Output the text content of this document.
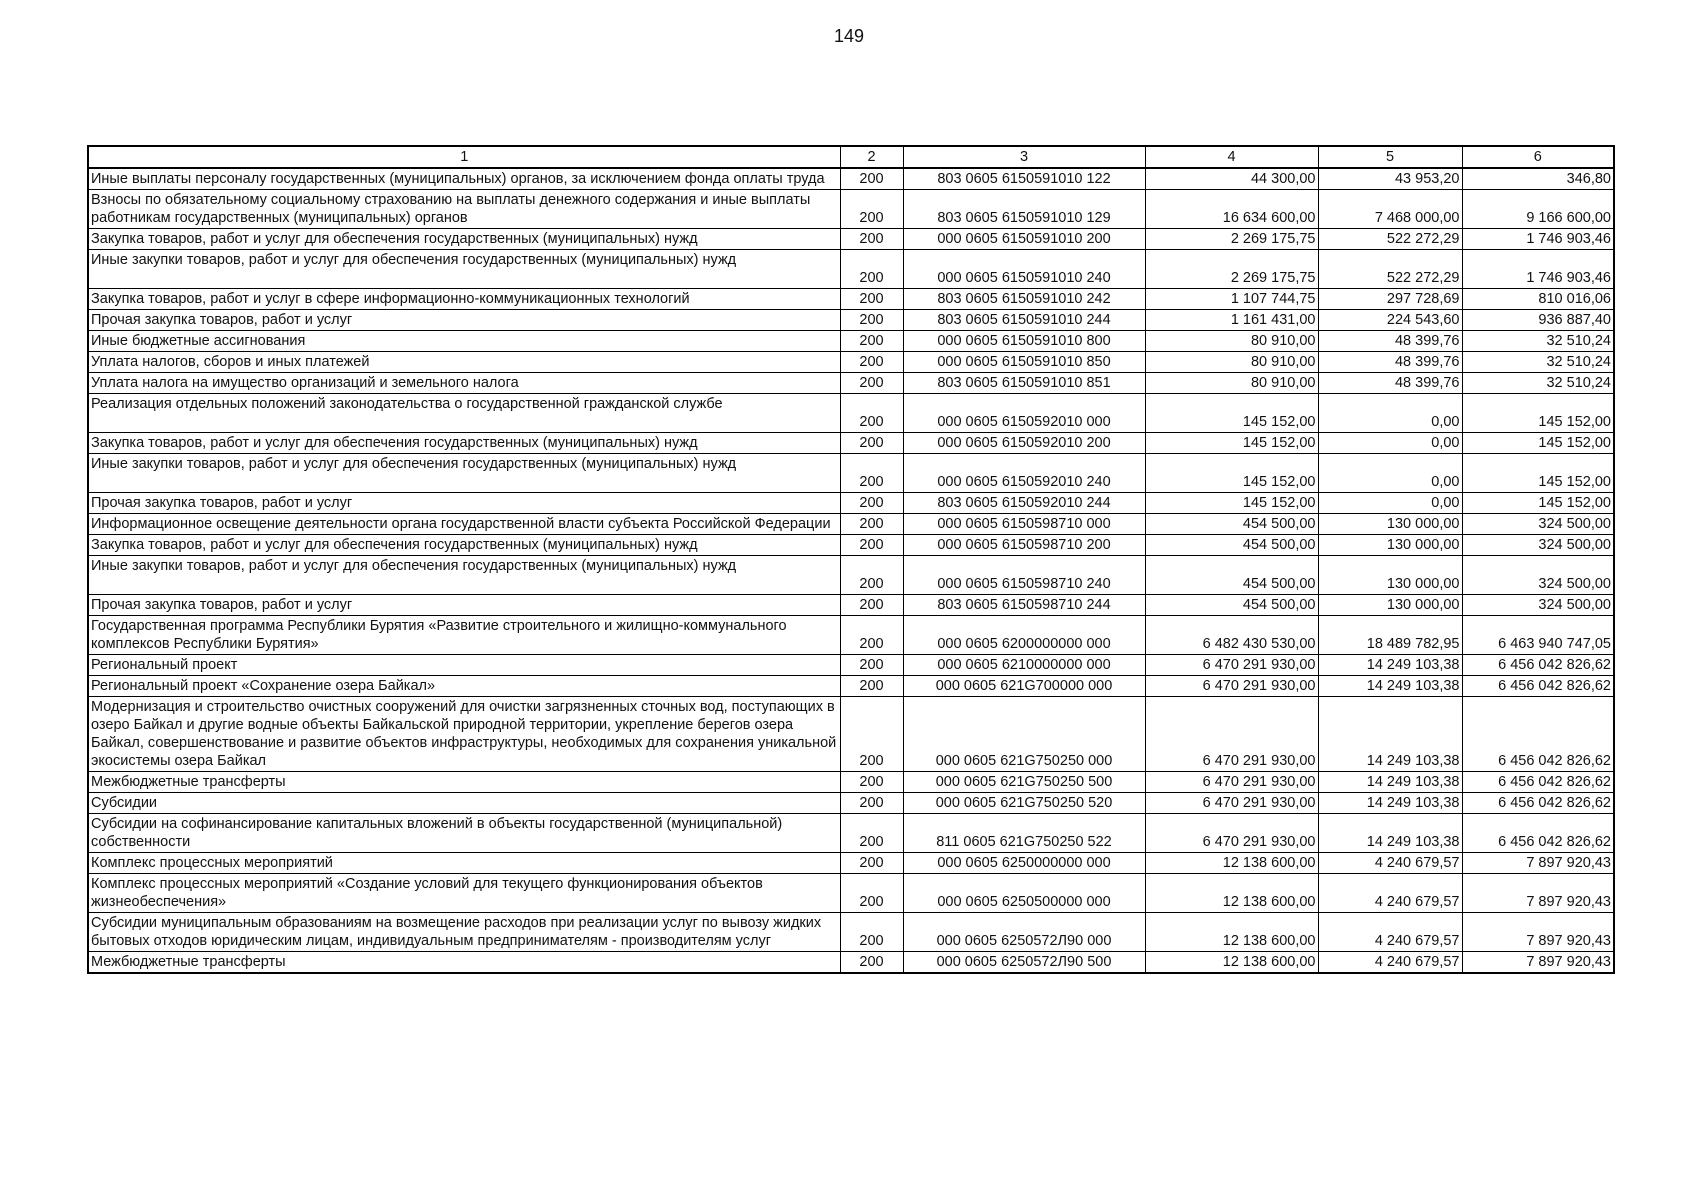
149
1	2	3	4	5	6
Иные выплаты персоналу государственных (муниципальных) органов, за исключением фонда оплаты труда	200	803 0605 6150591010 122	44 300,00	43 953,20	346,80
Взносы по обязательному социальному страхованию на выплаты денежного содержания и иные выплаты работникам государственных (муниципальных) органов	200	803 0605 6150591010 129	16 634 600,00	7 468 000,00	9 166 600,00
Закупка товаров, работ и услуг для обеспечения государственных (муниципальных) нужд	200	000 0605 6150591010 200	2 269 175,75	522 272,29	1 746 903,46
Иные закупки товаров, работ и услуг для обеспечения государственных (муниципальных) нужд	200	000 0605 6150591010 240	2 269 175,75	522 272,29	1 746 903,46
Закупка товаров, работ и услуг в сфере информационно-коммуникационных технологий	200	803 0605 6150591010 242	1 107 744,75	297 728,69	810 016,06
Прочая закупка товаров, работ и услуг	200	803 0605 6150591010 244	1 161 431,00	224 543,60	936 887,40
Иные бюджетные ассигнования	200	000 0605 6150591010 800	80 910,00	48 399,76	32 510,24
Уплата налогов, сборов и иных платежей	200	000 0605 6150591010 850	80 910,00	48 399,76	32 510,24
Уплата налога на имущество организаций и земельного налога	200	803 0605 6150591010 851	80 910,00	48 399,76	32 510,24
Реализация отдельных положений законодательства о государственной гражданской службе	200	000 0605 6150592010 000	145 152,00	0,00	145 152,00
Закупка товаров, работ и услуг для обеспечения государственных (муниципальных) нужд	200	000 0605 6150592010 200	145 152,00	0,00	145 152,00
Иные закупки товаров, работ и услуг для обеспечения государственных (муниципальных) нужд	200	000 0605 6150592010 240	145 152,00	0,00	145 152,00
Прочая закупка товаров, работ и услуг	200	803 0605 6150592010 244	145 152,00	0,00	145 152,00
Информационное освещение деятельности органа государственной власти субъекта Российской Федерации	200	000 0605 6150598710 000	454 500,00	130 000,00	324 500,00
Закупка товаров, работ и услуг для обеспечения государственных (муниципальных) нужд	200	000 0605 6150598710 200	454 500,00	130 000,00	324 500,00
Иные закупки товаров, работ и услуг для обеспечения государственных (муниципальных) нужд	200	000 0605 6150598710 240	454 500,00	130 000,00	324 500,00
Прочая закупка товаров, работ и услуг	200	803 0605 6150598710 244	454 500,00	130 000,00	324 500,00
Государственная программа Республики Бурятия «Развитие строительного и жилищно-коммунального комплексов Республики Бурятия»	200	000 0605 6200000000 000	6 482 430 530,00	18 489 782,95	6 463 940 747,05
Региональный проект	200	000 0605 6210000000 000	6 470 291 930,00	14 249 103,38	6 456 042 826,62
Региональный проект «Сохранение озера Байкал»	200	000 0605 621G700000 000	6 470 291 930,00	14 249 103,38	6 456 042 826,62
Модернизация и строительство очистных сооружений для очистки загрязненных сточных вод, поступающих в озеро Байкал и другие водные объекты Байкальской природной территории, укрепление берегов озера Байкал, совершенствование и развитие объектов инфраструктуры, необходимых для сохранения уникальной экосистемы озера Байкал	200	000 0605 621G750250 000	6 470 291 930,00	14 249 103,38	6 456 042 826,62
Межбюджетные трансферты	200	000 0605 621G750250 500	6 470 291 930,00	14 249 103,38	6 456 042 826,62
Субсидии	200	000 0605 621G750250 520	6 470 291 930,00	14 249 103,38	6 456 042 826,62
Субсидии на софинансирование капитальных вложений в объекты государственной (муниципальной) собственности	200	811 0605 621G750250 522	6 470 291 930,00	14 249 103,38	6 456 042 826,62
Комплекс процессных мероприятий	200	000 0605 6250000000 000	12 138 600,00	4 240 679,57	7 897 920,43
Комплекс процессных мероприятий «Создание условий для текущего функционирования объектов жизнеобеспечения»	200	000 0605 6250500000 000	12 138 600,00	4 240 679,57	7 897 920,43
Субсидии муниципальным образованиям на возмещение расходов при реализации услуг по вывозу жидких бытовых отходов юридическим лицам, индивидуальным предпринимателям - производителям услуг	200	000 0605 6250572Л90 000	12 138 600,00	4 240 679,57	7 897 920,43
Межбюджетные трансферты	200	000 0605 6250572Л90 500	12 138 600,00	4 240 679,57	7 897 920,43
